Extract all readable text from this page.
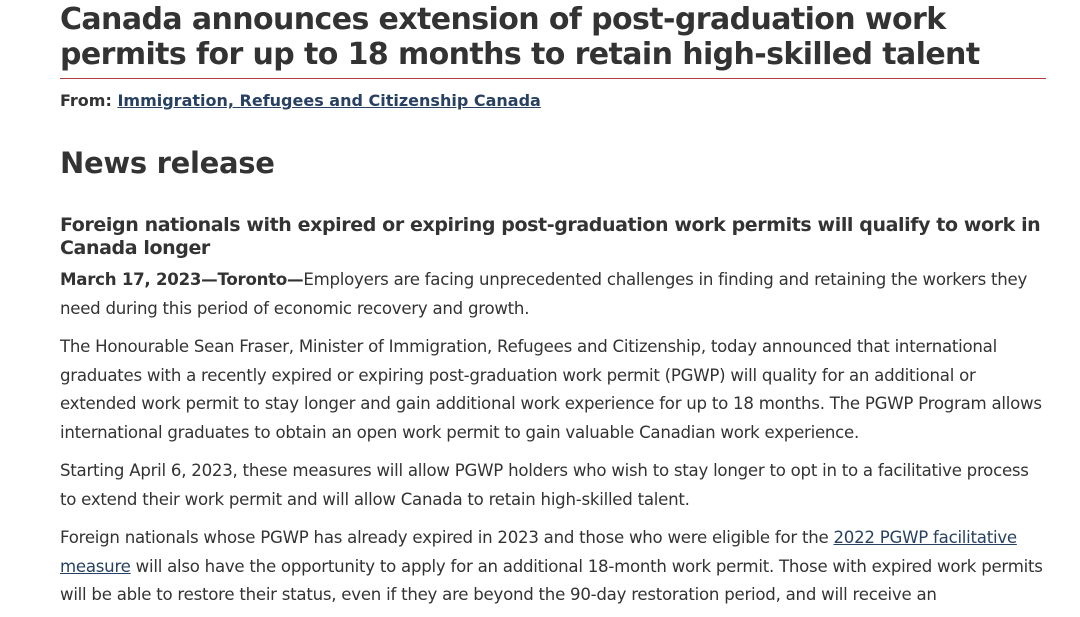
Canada announces extension of post-graduation work permits for up to 18 months to retain high-skilled talent
From: Immigration, Refugees and Citizenship Canada
News release
Foreign nationals with expired or expiring post-graduation work permits will qualify to work in Canada longer

March 17, 2023—Toronto—Employers are facing unprecedented challenges in finding and retaining the workers they need during this period of economic recovery and growth.

The Honourable Sean Fraser, Minister of Immigration, Refugees and Citizenship, today announced that international graduates with a recently expired or expiring post-graduation work permit (PGWP) will quality for an additional or extended work permit to stay longer and gain additional work experience for up to 18 months. The PGWP Program allows international graduates to obtain an open work permit to gain valuable Canadian work experience.

Starting April 6, 2023, these measures will allow PGWP holders who wish to stay longer to opt in to a facilitative process to extend their work permit and will allow Canada to retain high-skilled talent.

Foreign nationals whose PGWP has already expired in 2023 and those who were eligible for the 2022 PGWP facilitative measure will also have the opportunity to apply for an additional 18-month work permit. Those with expired work permits will be able to restore their status, even if they are beyond the 90-day restoration period, and will receive an
